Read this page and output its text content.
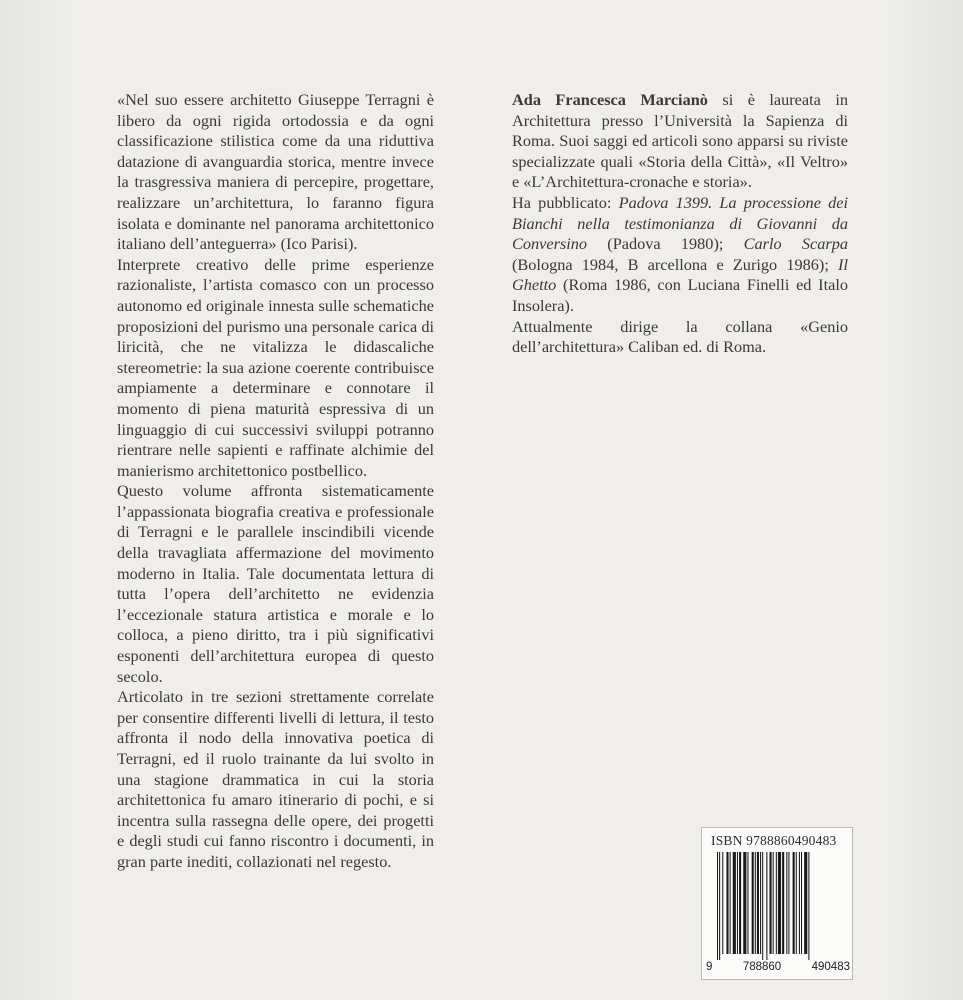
«Nel suo essere architetto Giuseppe Terragni è libero da ogni rigida ortodossia e da ogni classificazione stilistica come da una riduttiva datazione di avanguardia storica, mentre invece la trasgressiva maniera di percepire, progettare, realizzare un’architettura, lo faranno figura isolata e dominante nel panorama architettonico italiano dell’anteguerra» (Ico Parisi).

Interprete creativo delle prime esperienze razionaliste, l’artista comasco con un processo autonomo ed originale innesta sulle schematiche proposizioni del purismo una personale carica di liricità, che ne vitalizza le didascaliche stereometrie: la sua azione coerente contribuisce ampiamente a determinare e connotare il momento di piena maturità espressiva di un linguaggio di cui successivi sviluppi potranno rientrare nelle sapienti e raffinate alchimie del manierismo architettonico postbellico.

Questo volume affronta sistematicamente l’appassionata biografia creativa e professionale di Terragni e le parallele inscindibili vicende della travagliata affermazione del movimento moderno in Italia. Tale documentata lettura di tutta l’opera dell’architetto ne evidenzia l’eccezionale statura artistica e morale e lo colloca, a pieno diritto, tra i più significativi esponenti dell’architettura europea di questo secolo.

Articolato in tre sezioni strettamente correlate per consentire differenti livelli di lettura, il testo affronta il nodo della innovativa poetica di Terragni, ed il ruolo trainante da lui svolto in una stagione drammatica in cui la storia architettonica fu amaro itinerario di pochi, e si incentra sulla rassegna delle opere, dei progetti e degli studi cui fanno riscontro i documenti, in gran parte inediti, collazionati nel regesto.

Ada Francesca Marcianò si è laureata in Architettura presso l’Università la Sapienza di Roma. Suoi saggi ed articoli sono apparsi su riviste specializzate quali «Storia della Città», «Il Veltro» e «L’Architettura-cronache e storia».

Ha pubblicato: Padova 1399. La processione dei Bianchi nella testimonianza di Giovanni da Conversino (Padova 1980); Carlo Scarpa (Bologna 1984, B arcellona e Zurigo 1986); Il Ghetto (Roma 1986, con Luciana Finelli ed Italo Insolera).

Attualmente dirige la collana «Genio dell’architettura» Caliban ed. di Roma.

ISBN 9788860490483
9	788860	490483
